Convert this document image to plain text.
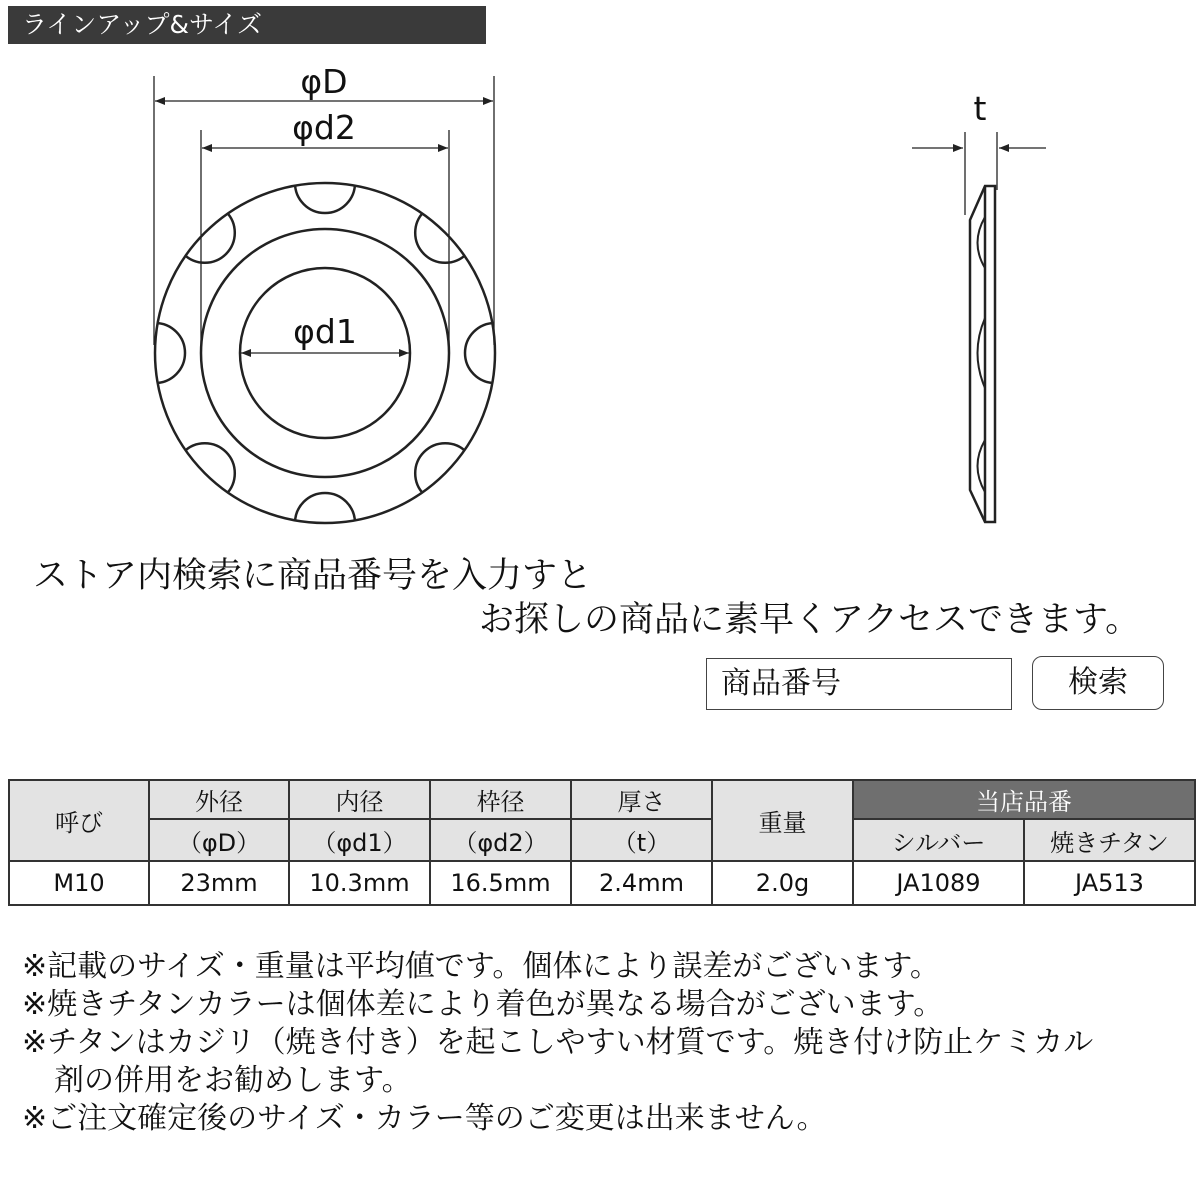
ラインアップ&サイズ
φD
φd2
φd1
t
ストア内検索に商品番号を入力すと
お探しの商品に素早くアクセスできます。
商品番号	検索
呼び	外径	内径	枠径	厚さ	重量	当店品番	
	（φD）	（φd1）	（φd2）	（t）		シルバー	焼きチタン
M10	23mm	10.3mm	16.5mm	2.4mm	2.0g	JA1089	JA513

※記載のサイズ・重量は平均値です。個体により誤差がございます。

※焼きチタンカラーは個体差により着色が異なる場合がございます。

※チタンはカジリ（焼き付き）を起こしやすい材質です。焼き付け防止ケミカル

剤の併用をお勧めします。

※ご注文確定後のサイズ・カラー等のご変更は出来ません。
